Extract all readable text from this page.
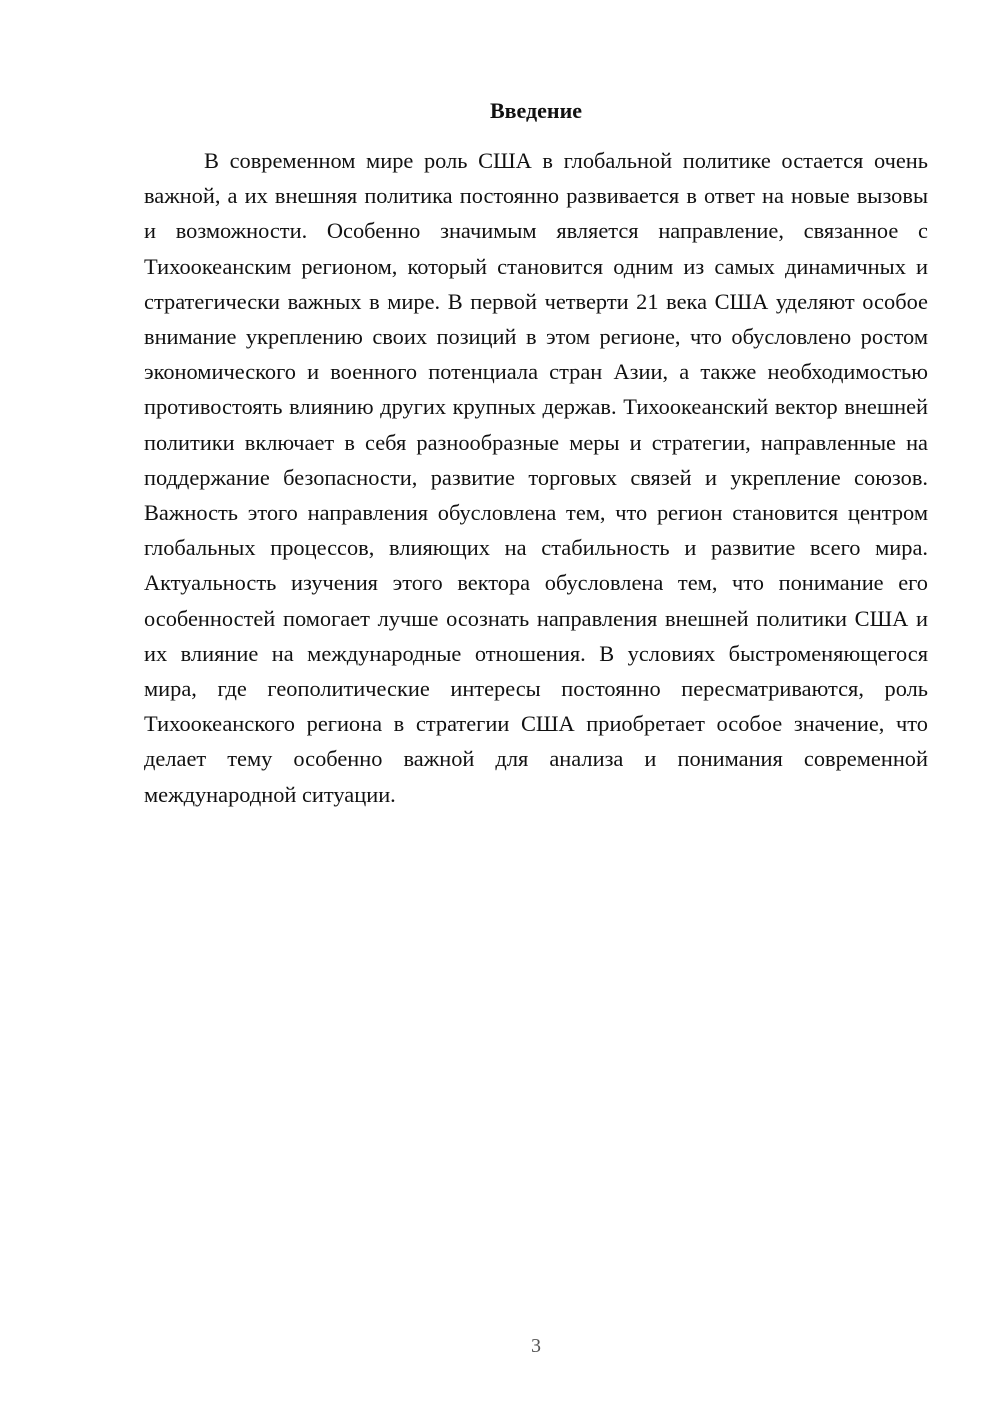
Введение

В современном мире роль США в глобальной политике остается очень важной, а их внешняя политика постоянно развивается в ответ на новые вызовы и возможности. Особенно значимым является направление, связанное с Тихоокеанским регионом, который становится одним из самых динамичных и стратегически важных в мире. В первой четверти 21 века США уделяют особое внимание укреплению своих позиций в этом регионе, что обусловлено ростом экономического и военного потенциала стран Азии, а также необходимостью противостоять влиянию других крупных держав. Тихоокеанский вектор внешней политики включает в себя разнообразные меры и стратегии, направленные на поддержание безопасности, развитие торговых связей и укрепление союзов. Важность этого направления обусловлена тем, что регион становится центром глобальных процессов, влияющих на стабильность и развитие всего мира. Актуальность изучения этого вектора обусловлена тем, что понимание его особенностей помогает лучше осознать направления внешней политики США и их влияние на международные отношения. В условиях быстроменяющегося мира, где геополитические интересы постоянно пересматриваются, роль Тихоокеанского региона в стратегии США приобретает особое значение, что делает тему особенно важной для анализа и понимания современной международной ситуации.

3
